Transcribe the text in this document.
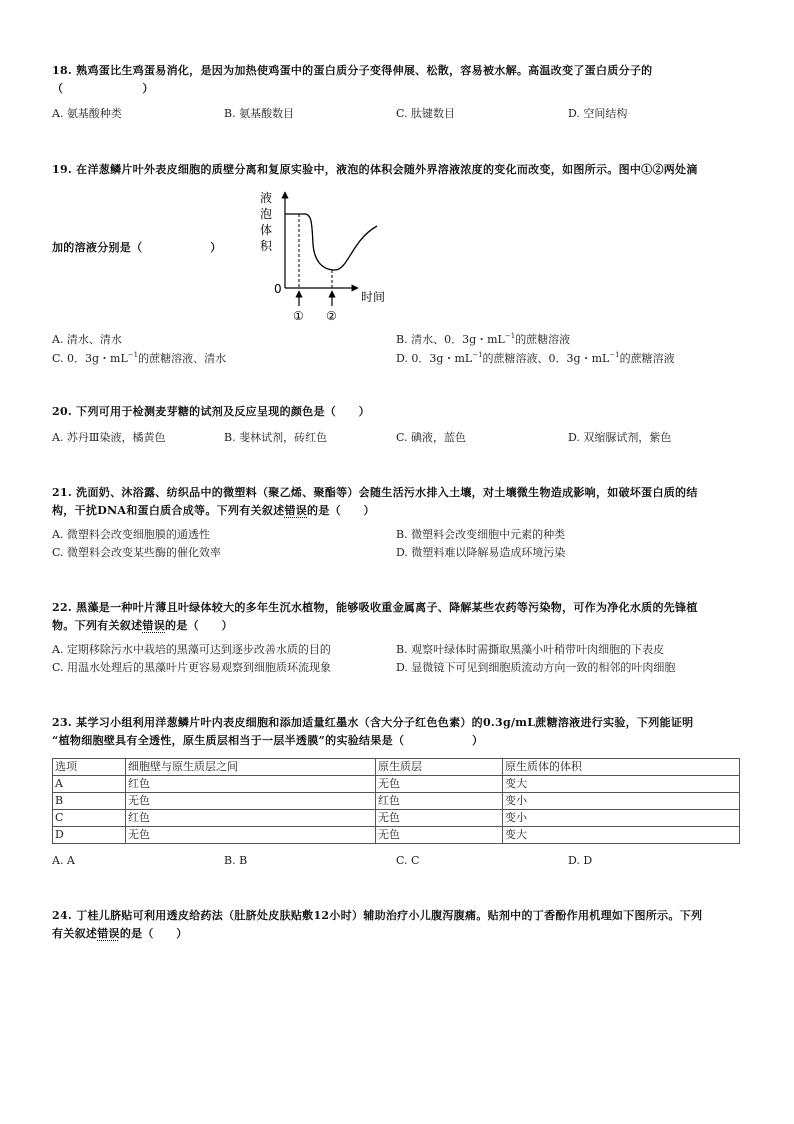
18. 熟鸡蛋比生鸡蛋易消化，是因为加热使鸡蛋中的蛋白质分子变得伸展、松散，容易被水解。高温改变了蛋白质分子的
（　　　　　　　）
A. 氨基酸种类	B. 氨基酸数目	C. 肽键数目	D. 空间结构
19. 在洋葱鳞片叶外表皮细胞的质壁分离和复原实验中，液泡的体积会随外界溶液浓度的变化而改变，如图所示。图中①②两处滴
加的溶液分别是（　　　　　　）
液
泡
体
积
0
时间
① ②
A. 清水、清水	B. 清水、0．3g・$mL^{-1}$的蔗糖溶液
C. 0．3g・$mL^{-1}$的蔗糖溶液、清水	D. 0．3g・$mL^{-1}$的蔗糖溶液、0．3g・$mL^{-1}$的蔗糖溶液
20. 下列可用于检测麦芽糖的试剂及反应呈现的颜色是（　　）
A. 苏丹Ⅲ染液，橘黄色	B. 斐林试剂，砖红色	C. 碘液，蓝色	D. 双缩脲试剂，紫色
21. 洗面奶、沐浴露、纺织品中的微塑料（聚乙烯、聚酯等）会随生活污水排入土壤，对土壤微生物造成影响，如破坏蛋白质的结
构，干扰DNA和蛋白质合成等。下列有关叙述错误的是（　　）
A. 微塑料会改变细胞膜的通透性	B. 微塑料会改变细胞中元素的种类
C. 微塑料会改变某些酶的催化效率	D. 微塑料难以降解易造成环境污染
22. 黑藻是一种叶片薄且叶绿体较大的多年生沉水植物，能够吸收重金属离子、降解某些农药等污染物，可作为净化水质的先锋植
物。下列有关叙述错误的是（　　）
A. 定期移除污水中栽培的黑藻可达到逐步改善水质的目的	B. 观察叶绿体时需撕取黑藻小叶稍带叶肉细胞的下表皮
C. 用温水处理后的黑藻叶片更容易观察到细胞质环流现象	D. 显微镜下可见到细胞质流动方向一致的相邻的叶肉细胞
23. 某学习小组利用洋葱鳞片叶内表皮细胞和添加适量红墨水（含大分子红色色素）的0.3g/mL蔗糖溶液进行实验，下列能证明
“植物细胞壁具有全透性，原生质层相当于一层半透膜”的实验结果是（　　　　　　）
选项	细胞壁与原生质层之间	原生质层	原生质体的体积
A	红色	无色	变大
B	无色	红色	变小
C	红色	无色	变小
D	无色	无色	变大
A. A	B. B	C. C	D. D
24. 丁桂儿脐贴可利用透皮给药法（肚脐处皮肤贴敷12小时）辅助治疗小儿腹泻腹痛。贴剂中的丁香酚作用机理如下图所示。下列
有关叙述错误的是（　　）
